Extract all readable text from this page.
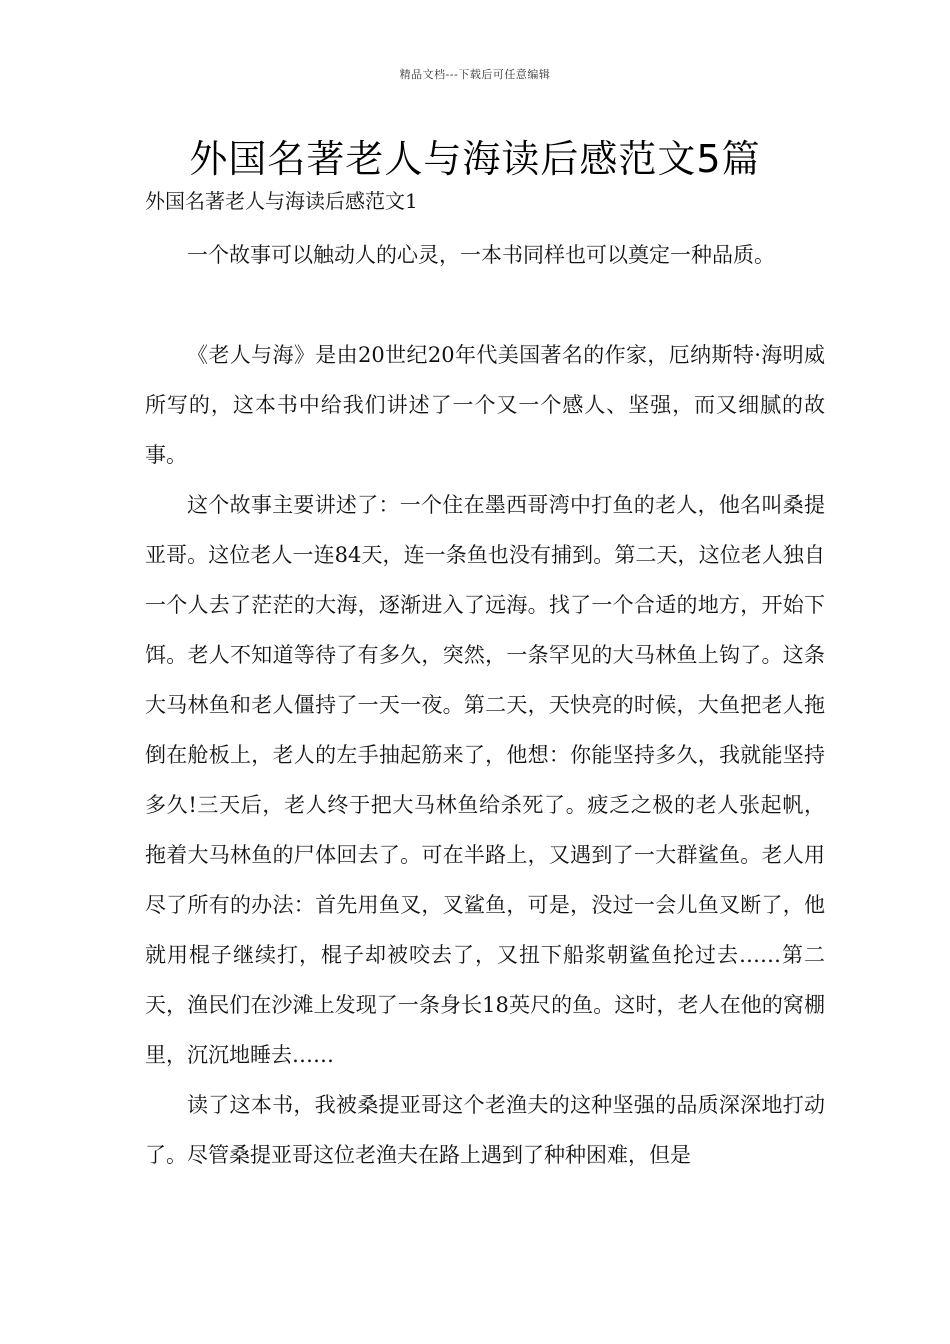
精品文档---下载后可任意编辑
外国名著老人与海读后感范文5篇
外国名著老人与海读后感范文1

一个故事可以触动人的心灵，一本书同样也可以奠定一种品质。

《老人与海》是由20世纪20年代美国著名的作家，厄纳斯特·海明威所写的，这本书中给我们讲述了一个又一个感人、坚强，而又细腻的故事。

这个故事主要讲述了：一个住在墨西哥湾中打鱼的老人，他名叫桑提亚哥。这位老人一连84天，连一条鱼也没有捕到。第二天，这位老人独自一个人去了茫茫的大海，逐渐进入了远海。找了一个合适的地方，开始下饵。老人不知道等待了有多久，突然，一条罕见的大马林鱼上钩了。这条大马林鱼和老人僵持了一天一夜。第二天，天快亮的时候，大鱼把老人拖倒在舱板上，老人的左手抽起筋来了，他想：你能坚持多久，我就能坚持多久!三天后，老人终于把大马林鱼给杀死了。疲乏之极的老人张起帆，拖着大马林鱼的尸体回去了。可在半路上，又遇到了一大群鲨鱼。老人用尽了所有的办法：首先用鱼叉，叉鲨鱼，可是，没过一会儿鱼叉断了，他就用棍子继续打，棍子却被咬去了，又扭下船浆朝鲨鱼抡过去……第二天，渔民们在沙滩上发现了一条身长18英尺的鱼。这时，老人在他的窝棚里，沉沉地睡去……

读了这本书，我被桑提亚哥这个老渔夫的这种坚强的品质深深地打动了。尽管桑提亚哥这位老渔夫在路上遇到了种种困难，但是
